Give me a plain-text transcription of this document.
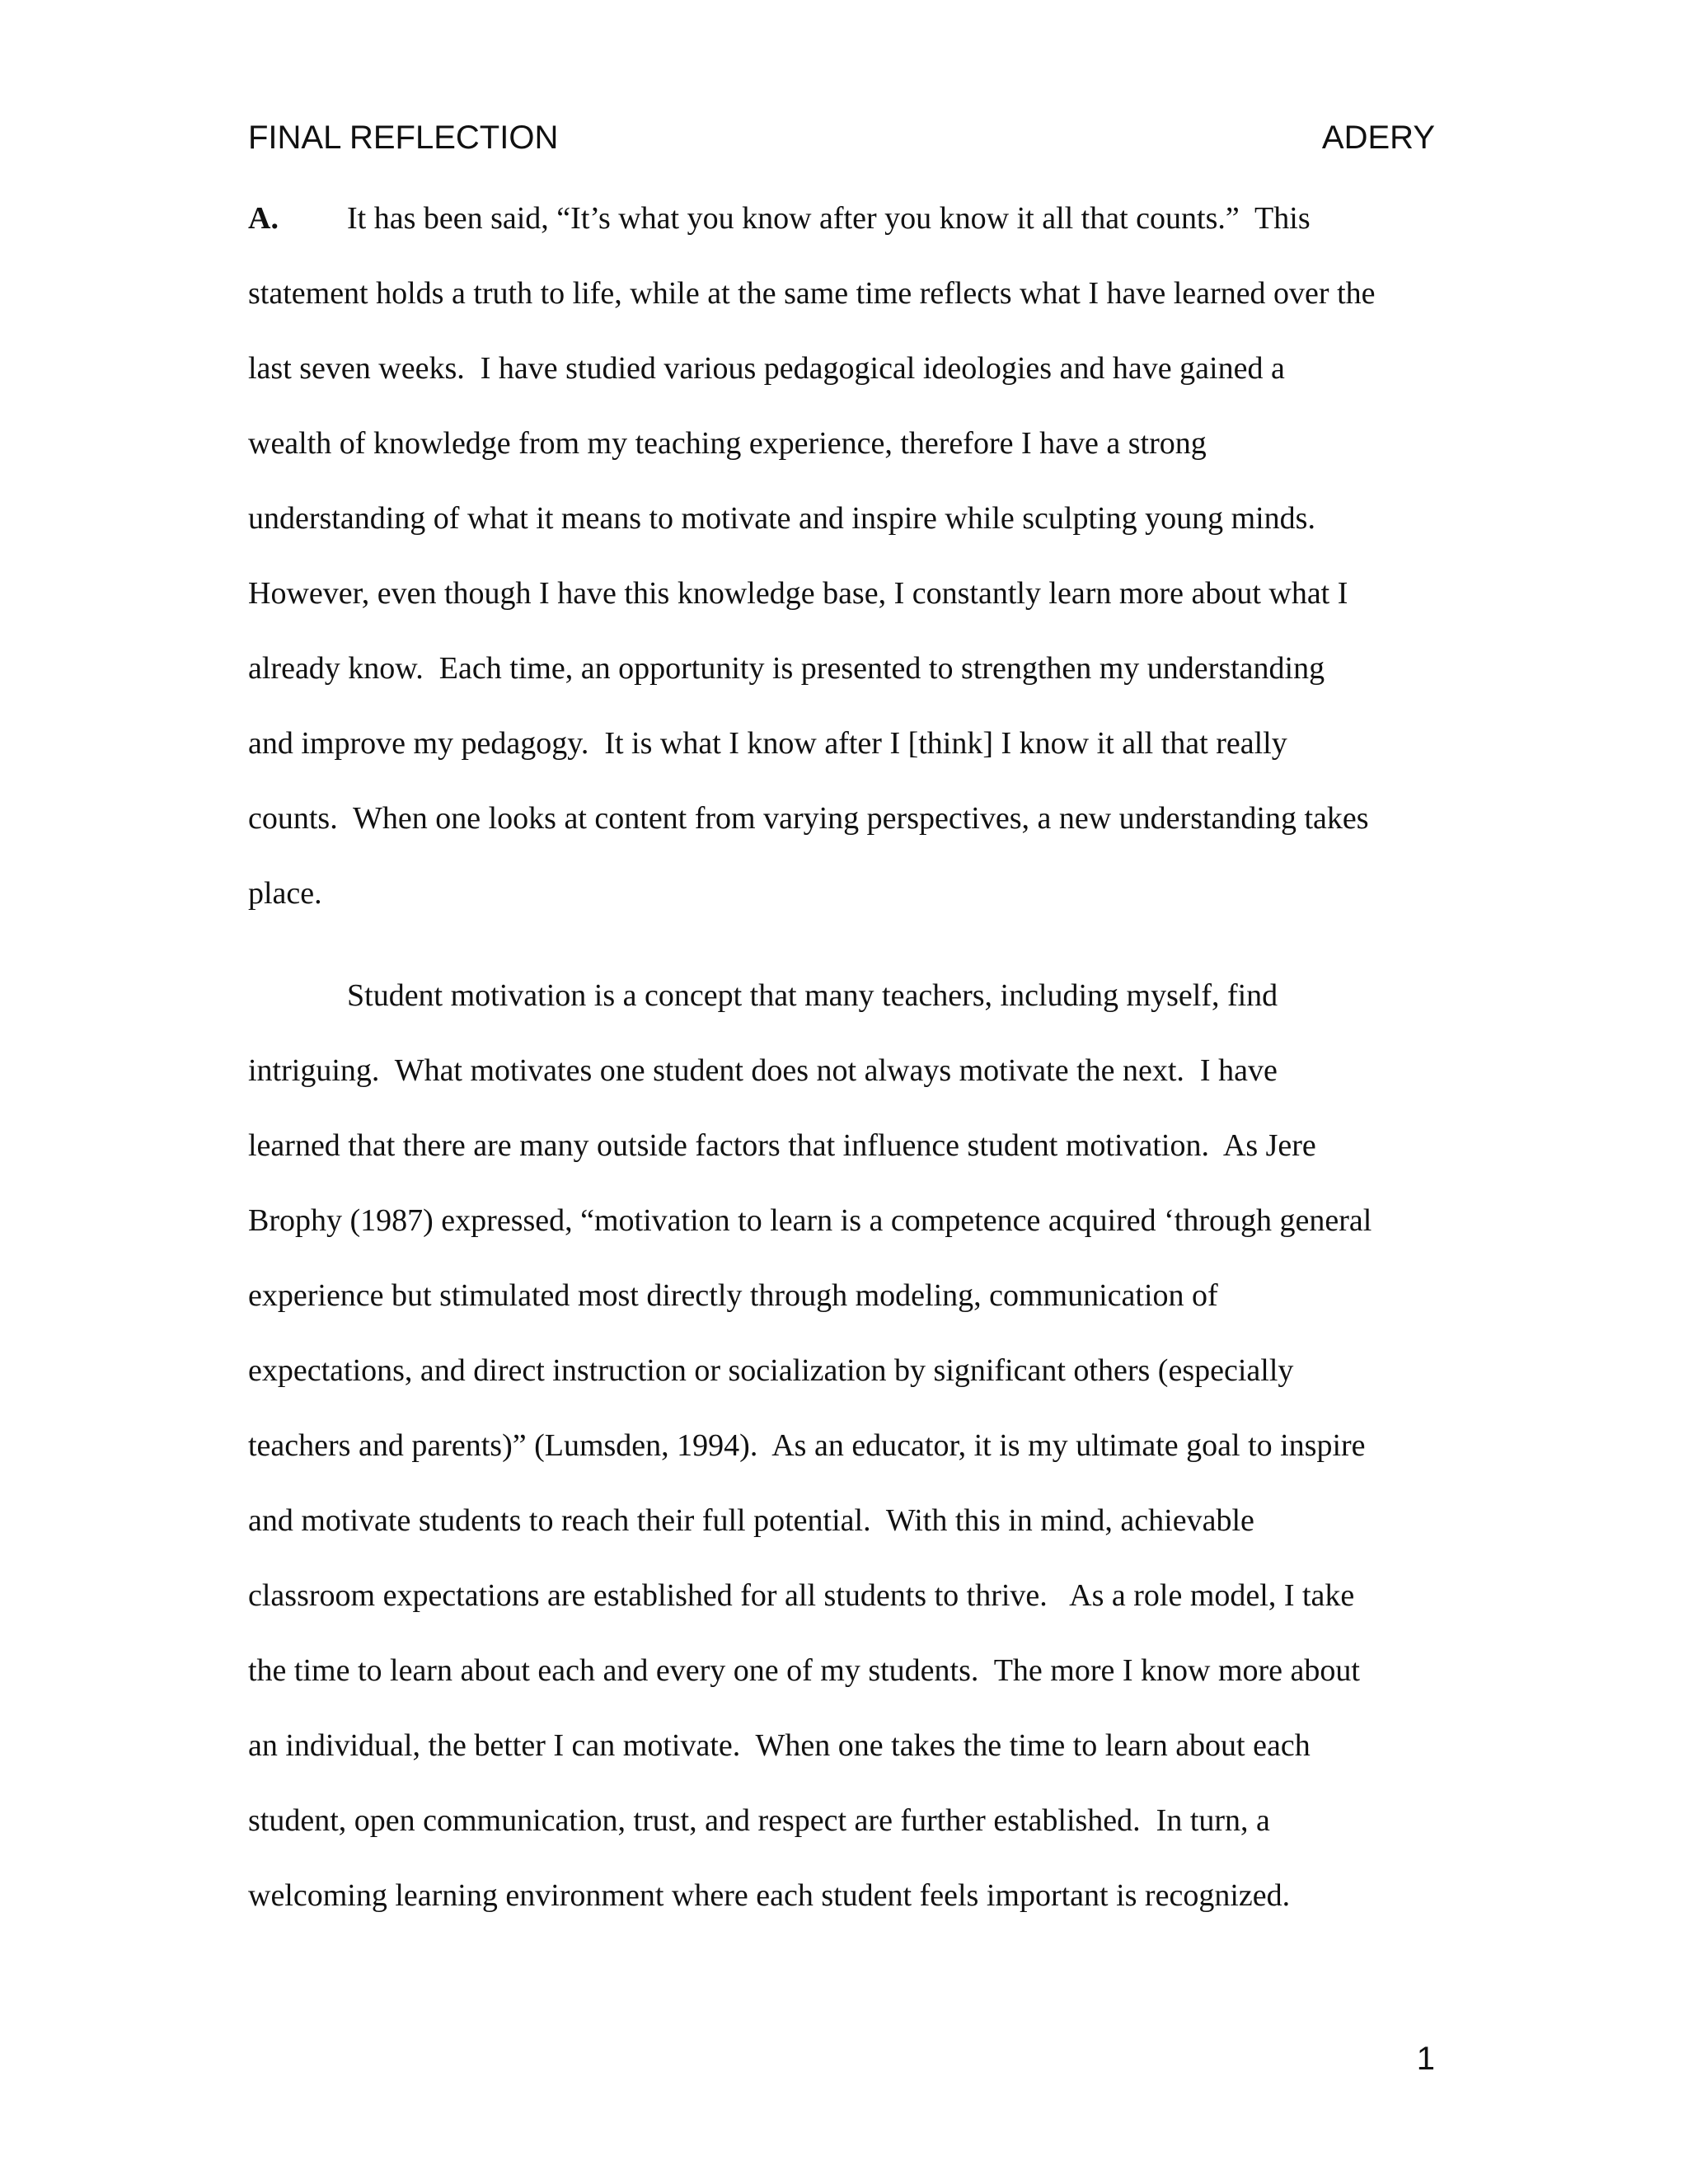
FINAL REFLECTION	ADERY
A. It has been said, “It’s what you know after you know it all that counts.”  This
statement holds a truth to life, while at the same time reflects what I have learned over the
last seven weeks.  I have studied various pedagogical ideologies and have gained a
wealth of knowledge from my teaching experience, therefore I have a strong
understanding of what it means to motivate and inspire while sculpting young minds.
However, even though I have this knowledge base, I constantly learn more about what I
already know.  Each time, an opportunity is presented to strengthen my understanding
and improve my pedagogy.  It is what I know after I [think] I know it all that really
counts.  When one looks at content from varying perspectives, a new understanding takes
place.
Student motivation is a concept that many teachers, including myself, find
intriguing.  What motivates one student does not always motivate the next.  I have
learned that there are many outside factors that influence student motivation.  As Jere
Brophy (1987) expressed, “motivation to learn is a competence acquired ‘through general
experience but stimulated most directly through modeling, communication of
expectations, and direct instruction or socialization by significant others (especially
teachers and parents)” (Lumsden, 1994).  As an educator, it is my ultimate goal to inspire
and motivate students to reach their full potential.  With this in mind, achievable
classroom expectations are established for all students to thrive.   As a role model, I take
the time to learn about each and every one of my students.  The more I know more about
an individual, the better I can motivate.  When one takes the time to learn about each
student, open communication, trust, and respect are further established.  In turn, a
welcoming learning environment where each student feels important is recognized.
1
